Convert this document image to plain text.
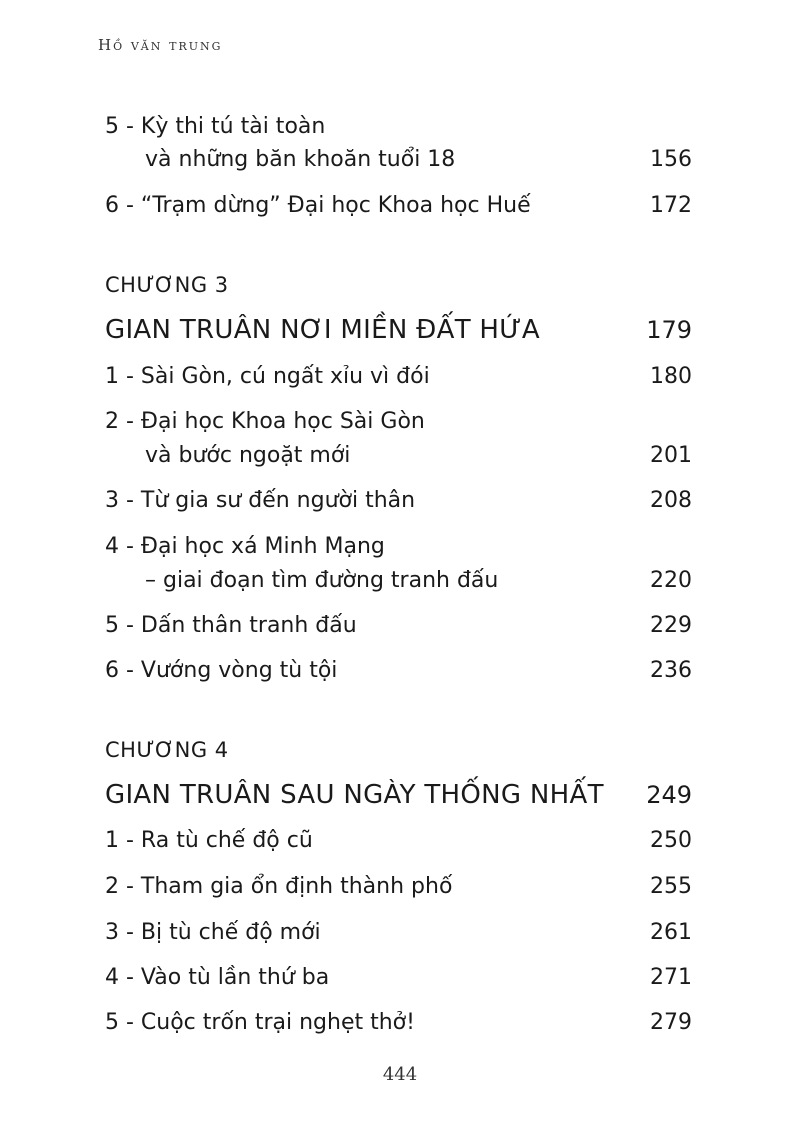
Hồ văn trung
5 - Kỳ thi tú tài toàn
và những băn khoăn tuổi 18	156
6 - “Trạm dừng” Đại học Khoa học Huế	172
CHƯƠNG 3
GIAN TRUÂN NƠI MIỀN ĐẤT HỨA	179
1 - Sài Gòn, cú ngất xỉu vì đói	180
2 - Đại học Khoa học Sài Gòn
và bước ngoặt mới	201
3 - Từ gia sư đến người thân	208
4 - Đại học xá Minh Mạng
– giai đoạn tìm đường tranh đấu	220
5 - Dấn thân tranh đấu	229
6 - Vướng vòng tù tội	236
CHƯƠNG 4
GIAN TRUÂN SAU NGÀY THỐNG NHẤT 249
1 - Ra tù chế độ cũ	250
2 - Tham gia ổn định thành phố	255
3 - Bị tù chế độ mới	261
4 - Vào tù lần thứ ba	271
5 - Cuộc trốn trại nghẹt thở!	279
444
